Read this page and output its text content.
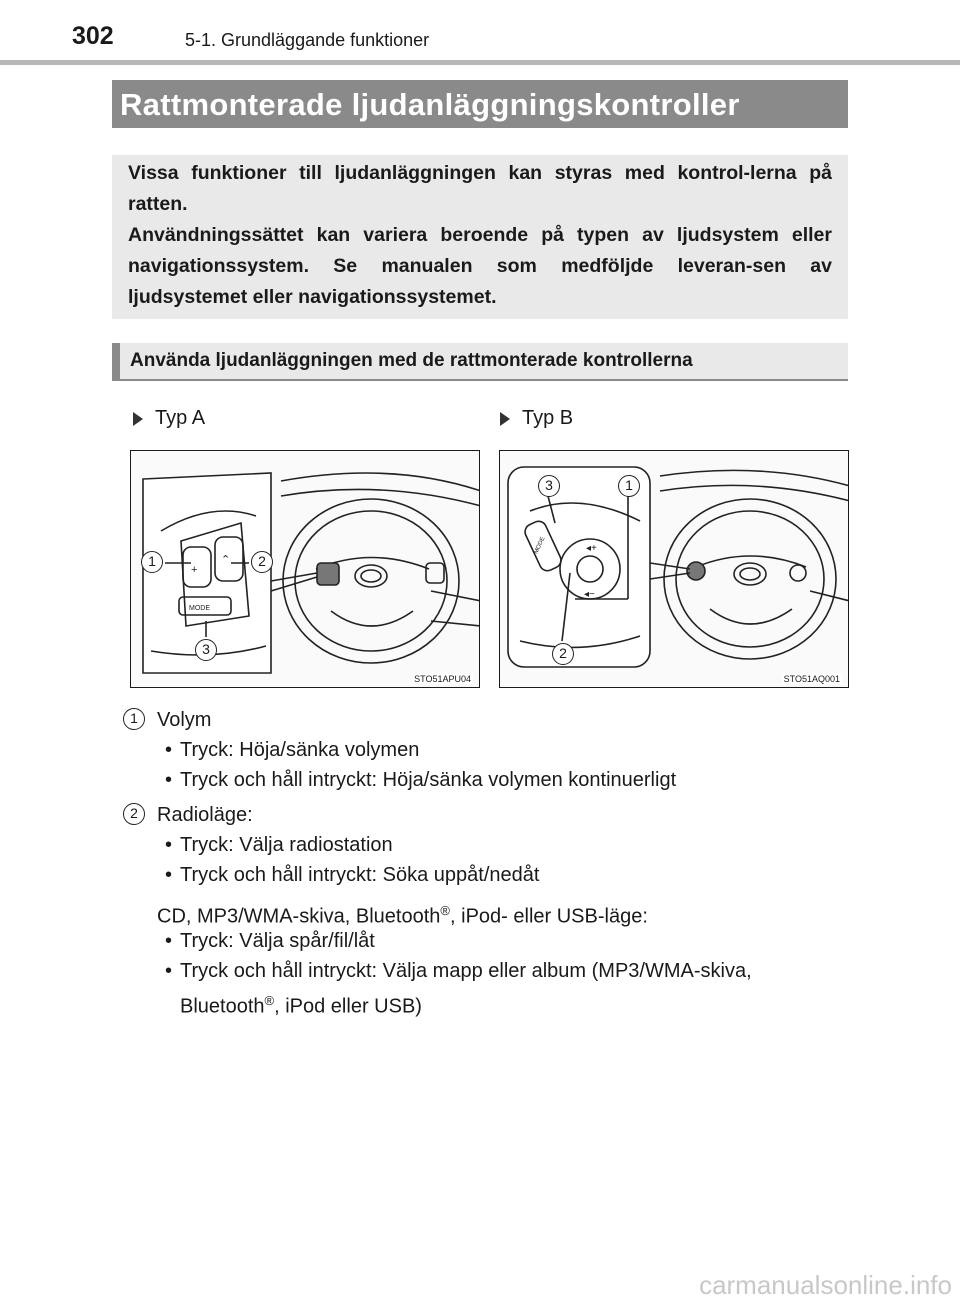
302	5-1. Grundläggande funktioner
Rattmonterade ljudanläggningskontroller

Vissa funktioner till ljudanläggningen kan styras med kontrol-lerna på ratten.

Användningssättet kan variera beroende på typen av ljudsystem eller navigationssystem. Se manualen som medföljde leveran-sen av ljudsystemet eller navigationssystemet.

Använda ljudanläggningen med de rattmonterade kontrollerna
Typ A	Typ B
+
⌃
MODE
1	2
3
STO51APU04
◂+
◂−
MODE
3	1
2
STO51AQ001
1 Volym
• Tryck: Höja/sänka volymen
• Tryck och håll intryckt: Höja/sänka volymen kontinuerligt
2 Radioläge:
• Tryck: Välja radiostation
• Tryck och håll intryckt: Söka uppåt/nedåt
CD, MP3/WMA-skiva, Bluetooth®, iPod- eller USB-läge:
• Tryck: Välja spår/fil/låt
• Tryck och håll intryckt: Välja mapp eller album (MP3/WMA-skiva,
Bluetooth®, iPod eller USB)
carmanualsonline.info
